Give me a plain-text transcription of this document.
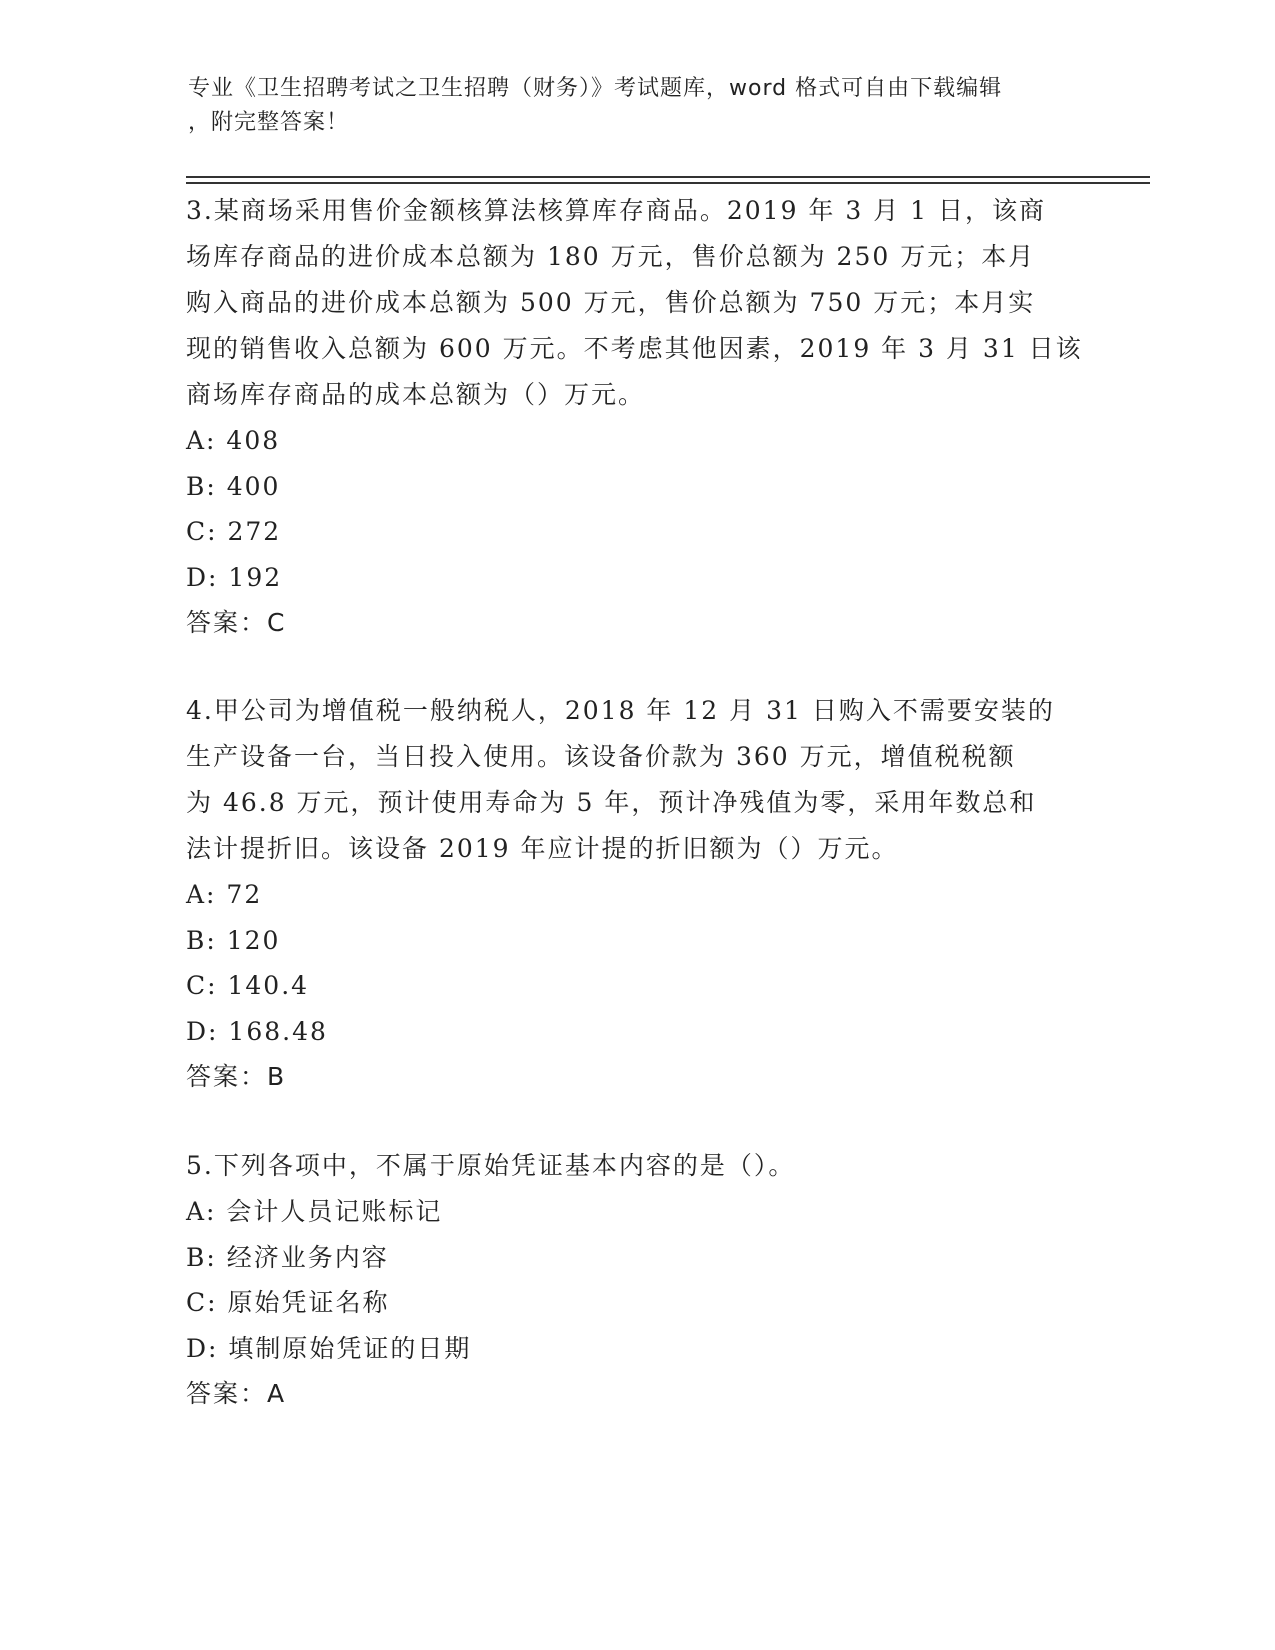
专业《卫生招聘考试之卫生招聘（财务）》考试题库，word 格式可自由下载编辑
，附完整答案！
3.某商场采用售价金额核算法核算库存商品。2019 年 3 月 1 日，该商
场库存商品的进价成本总额为 180 万元，售价总额为 250 万元；本月
购入商品的进价成本总额为 500 万元，售价总额为 750 万元；本月实
现的销售收入总额为 600 万元。不考虑其他因素，2019 年 3 月 31 日该
商场库存商品的成本总额为（）万元。
A: 408
B: 400
C: 272
D: 192
答案：C
4.甲公司为增值税一般纳税人，2018 年 12 月 31 日购入不需要安装的
生产设备一台，当日投入使用。该设备价款为 360 万元，增值税税额
为 46.8 万元，预计使用寿命为 5 年，预计净残值为零，采用年数总和
法计提折旧。该设备 2019 年应计提的折旧额为（）万元。
A: 72
B: 120
C: 140.4
D: 168.48
答案：B
5.下列各项中，不属于原始凭证基本内容的是（）。
A: 会计人员记账标记
B: 经济业务内容
C: 原始凭证名称
D: 填制原始凭证的日期
答案：A
